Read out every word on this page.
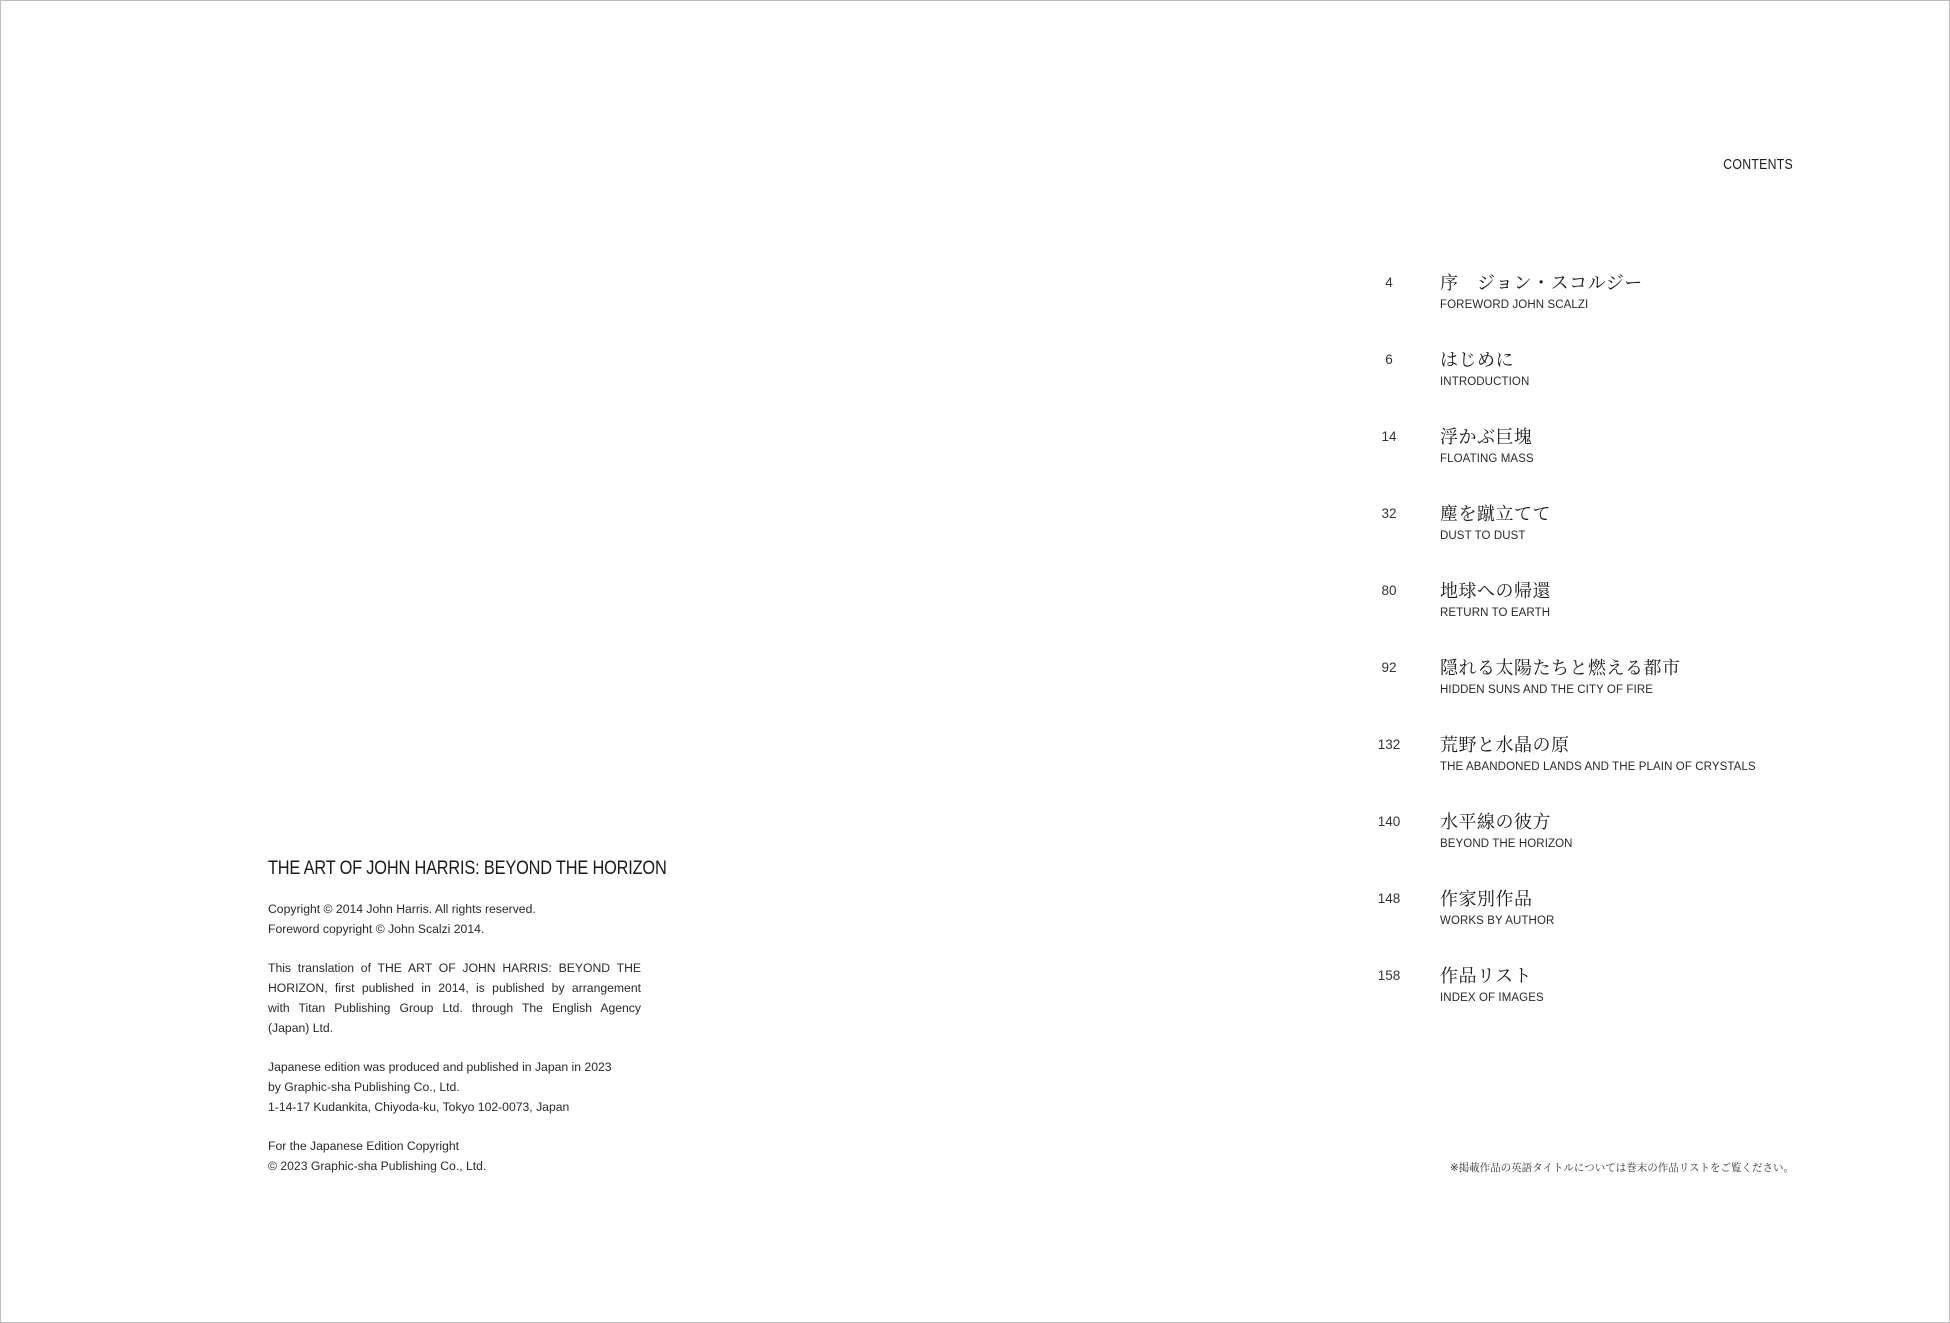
THE ART OF JOHN HARRIS: BEYOND THE HORIZON
Copyright © 2014 John Harris. All rights reserved.
Foreword copyright © John Scalzi 2014.
This translation of THE ART OF JOHN HARRIS: BEYOND THE
HORIZON, first published in 2014, is published by arrangement
with Titan Publishing Group Ltd. through The English Agency
(Japan) Ltd.
Japanese edition was produced and published in Japan in 2023
by Graphic-sha Publishing Co., Ltd.
1-14-17 Kudankita, Chiyoda-ku, Tokyo 102-0073, Japan
For the Japanese Edition Copyright
© 2023 Graphic-sha Publishing Co., Ltd.
CONTENTS
4	序　ジョン・スコルジー
FOREWORD JOHN SCALZI
6	はじめに
INTRODUCTION
14	浮かぶ巨塊
FLOATING MASS
32	塵を蹴立てて
DUST TO DUST
80	地球への帰還
RETURN TO EARTH
92	隠れる太陽たちと燃える都市
HIDDEN SUNS AND THE CITY OF FIRE
132	荒野と水晶の原
THE ABANDONED LANDS AND THE PLAIN OF CRYSTALS
140	水平線の彼方
BEYOND THE HORIZON
148	作家別作品
WORKS BY AUTHOR
158	作品リスト
INDEX OF IMAGES
※掲載作品の英語タイトルについては巻末の作品リストをご覧ください。
